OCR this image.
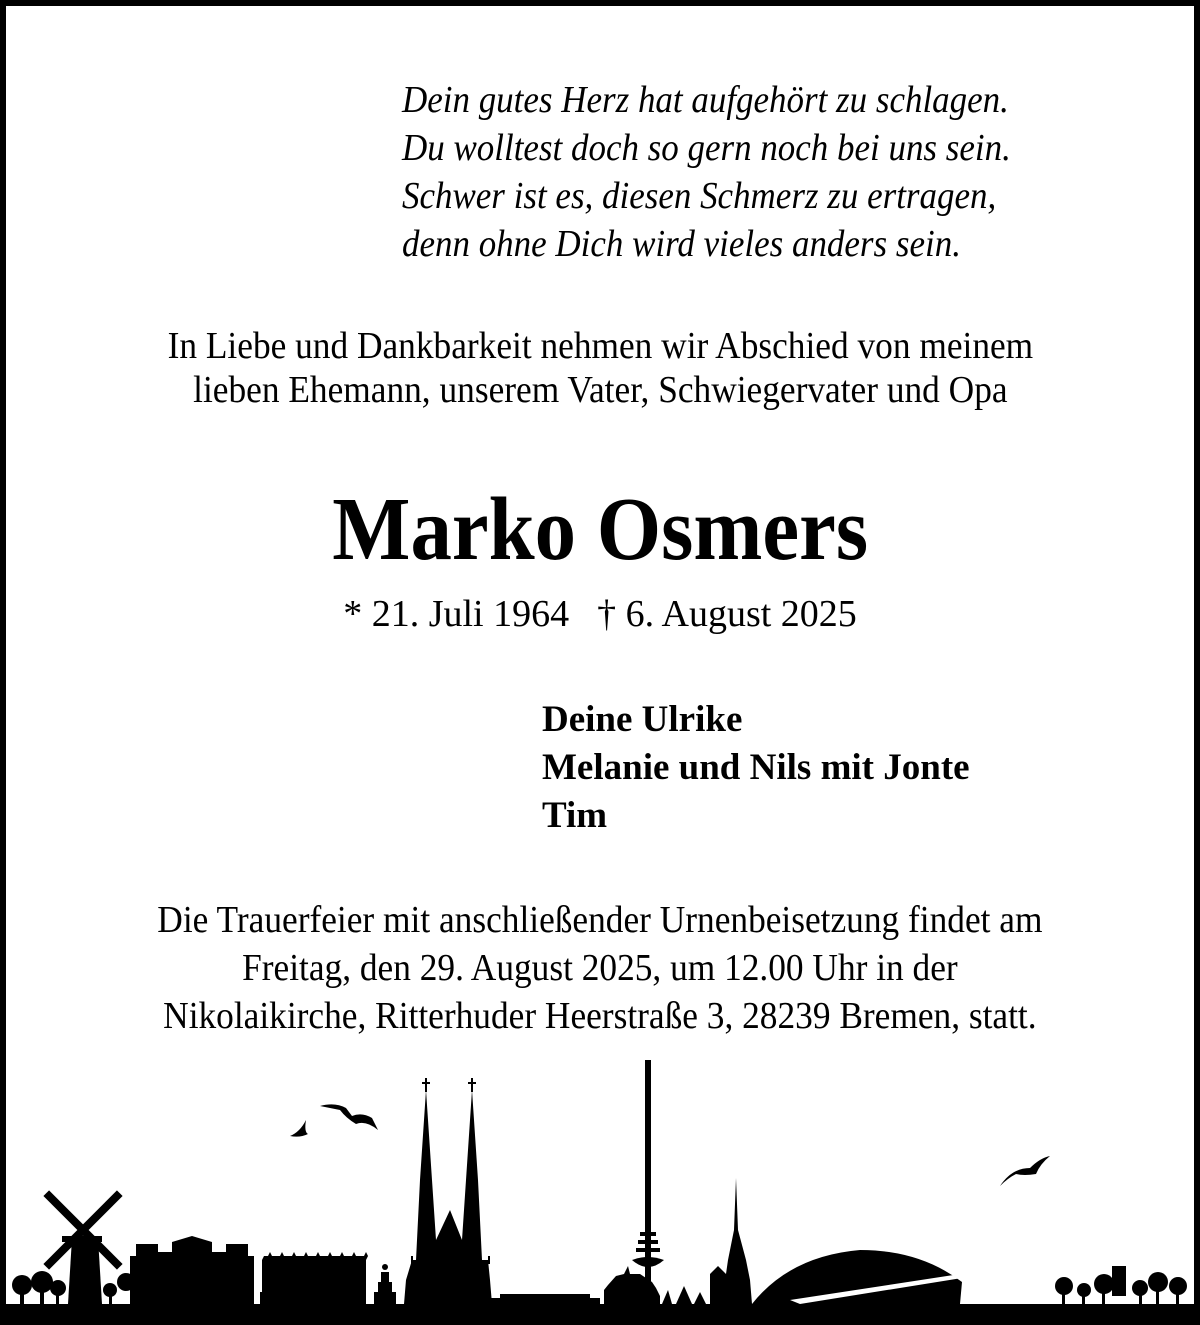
Dein gutes Herz hat aufgehört zu schlagen.
Du wolltest doch so gern noch bei uns sein.
Schwer ist es, diesen Schmerz zu ertragen,
denn ohne Dich wird vieles anders sein.
In Liebe und Dankbarkeit nehmen wir Abschied von meinem
lieben Ehemann, unserem Vater, Schwiegervater und Opa
Marko Osmers
* 21. Juli 1964 † 6. August 2025
Deine Ulrike
Melanie und Nils mit Jonte
Tim
Die Trauerfeier mit anschließender Urnenbeisetzung findet am
Freitag, den 29. August 2025, um 12.00 Uhr in der
Nikolaikirche, Ritterhuder Heerstraße 3, 28239 Bremen, statt.
